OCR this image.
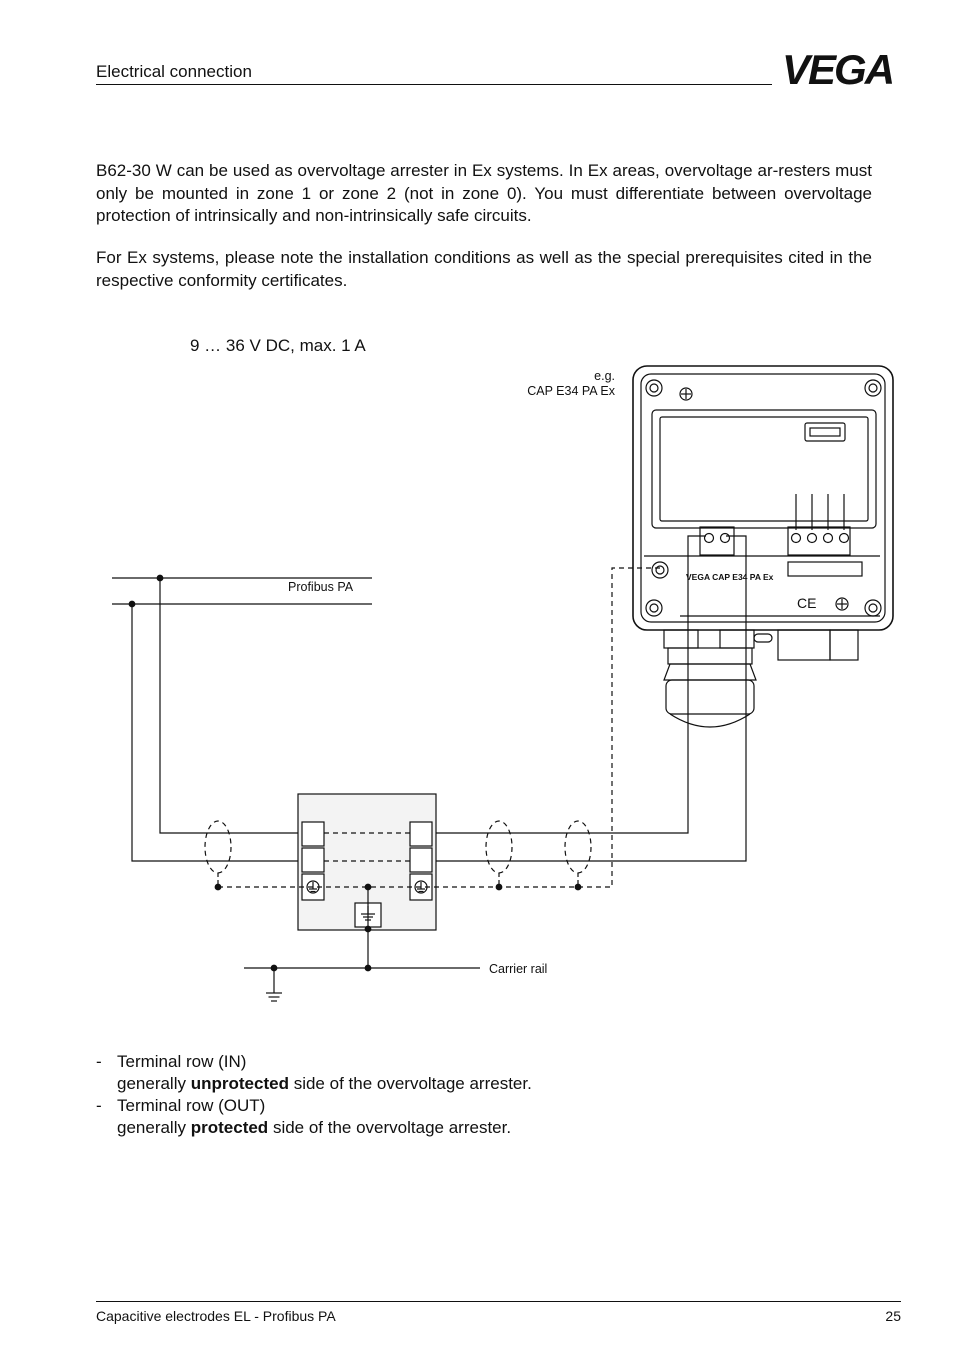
Electrical connection	VEGA
B62-30 W can be used as overvoltage arrester in Ex systems. In Ex areas, overvoltage ar-resters must only be mounted in zone 1 or zone 2 (not in zone 0). You must differentiate between overvoltage protection of intrinsically and non-intrinsically safe circuits.
For Ex systems, please note the installation conditions as well as the special prerequisites cited in the respective conformity certificates.
9 … 36 V DC, max. 1 A
e.g.
CAP E34 PA Ex
Profibus PA
Carrier rail
VEGA CAP E34 PA Ex
CE
- Terminal row (IN)
generally unprotected side of the overvoltage arrester.
- Terminal row (OUT)
generally protected side of the overvoltage arrester.
Capacitive electrodes EL - Profibus PA	25
